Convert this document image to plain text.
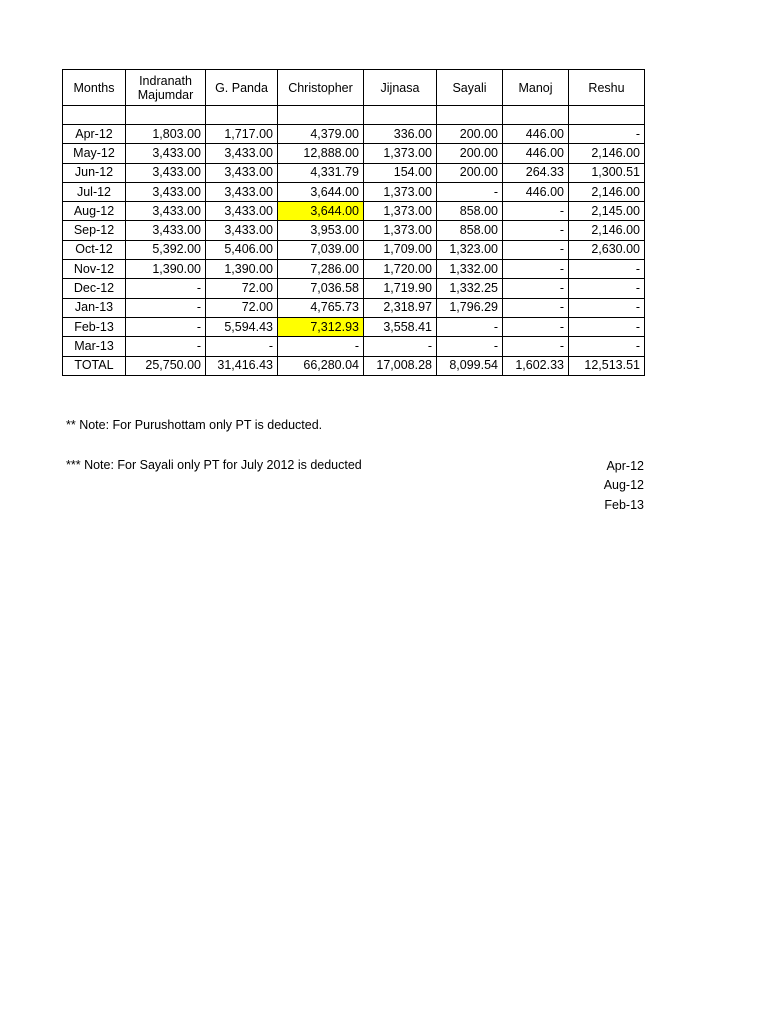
Months	Indranath Majumdar	G. Panda	Christopher	Jijnasa	Sayali	Manoj	Reshu

Apr-12	1,803.00	1,717.00	4,379.00	336.00	200.00	446.00	-
May-12	3,433.00	3,433.00	12,888.00	1,373.00	200.00	446.00	2,146.00
Jun-12	3,433.00	3,433.00	4,331.79	154.00	200.00	264.33	1,300.51
Jul-12	3,433.00	3,433.00	3,644.00	1,373.00	-	446.00	2,146.00
Aug-12	3,433.00	3,433.00	3,644.00	1,373.00	858.00	-	2,145.00
Sep-12	3,433.00	3,433.00	3,953.00	1,373.00	858.00	-	2,146.00
Oct-12	5,392.00	5,406.00	7,039.00	1,709.00	1,323.00	-	2,630.00
Nov-12	1,390.00	1,390.00	7,286.00	1,720.00	1,332.00	-	-
Dec-12	-	72.00	7,036.58	1,719.90	1,332.25	-	-
Jan-13	-	72.00	4,765.73	2,318.97	1,796.29	-	-
Feb-13	-	5,594.43	7,312.93	3,558.41	-	-	-
Mar-13	-	-	-	-	-	-	-
TOTAL	25,750.00	31,416.43	66,280.04	17,008.28	8,099.54	1,602.33	12,513.51
** Note: For Purushottam only PT is deducted.
*** Note: For Sayali only PT for July 2012 is deducted	Apr-12
Aug-12
Feb-13
